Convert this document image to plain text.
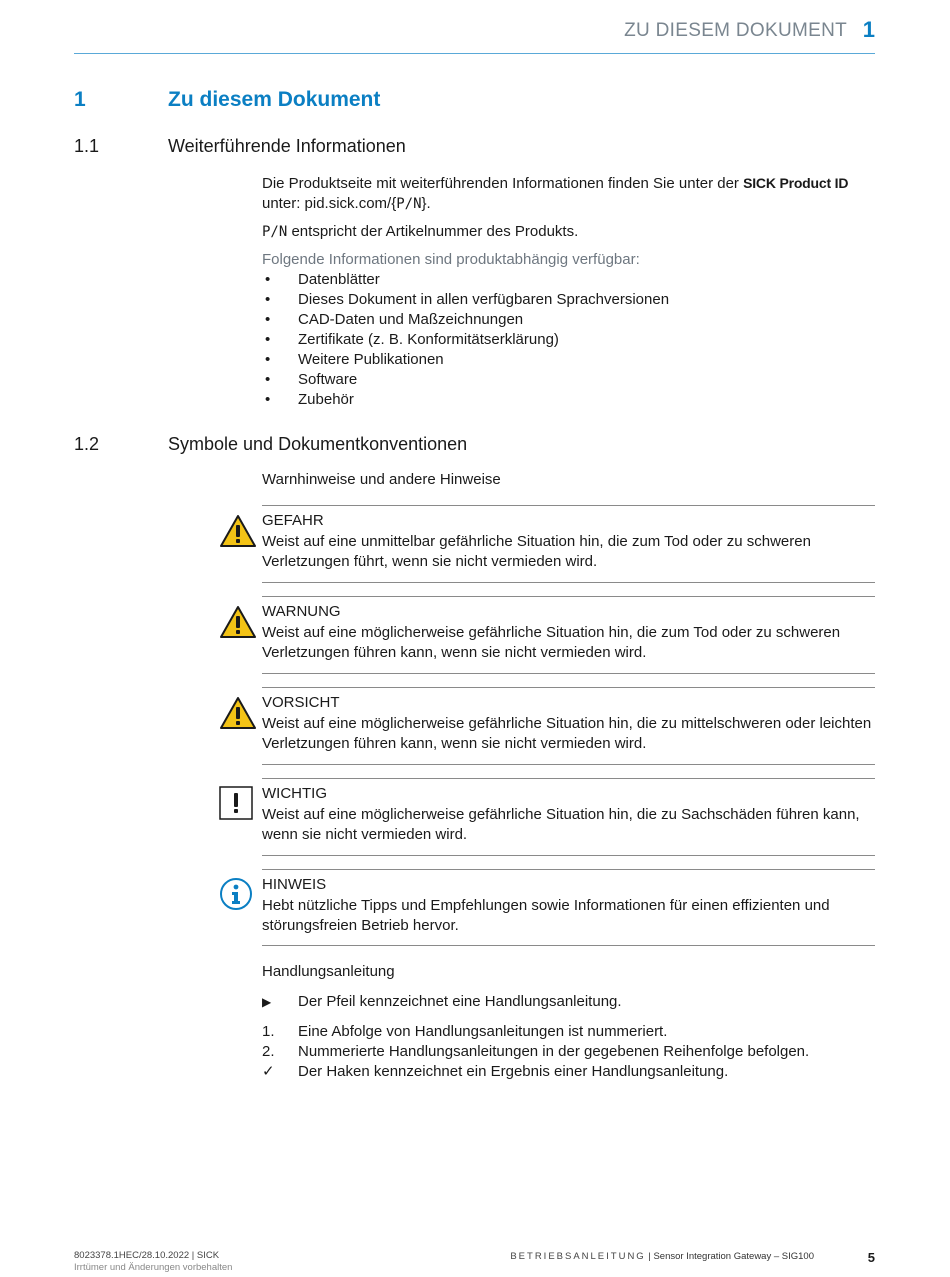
ZU DIESEM DOKUMENT 1
1	Zu diesem Dokument
1.1	Weiterführende Informationen

Die Produktseite mit weiterführenden Informationen finden Sie unter der SICK Product ID unter: pid.sick.com/{P/N}.

P/N entspricht der Artikelnummer des Produkts.

Folgende Informationen sind produktabhängig verfügbar:

• Datenblätter
• Dieses Dokument in allen verfügbaren Sprachversionen
• CAD-Daten und Maßzeichnungen
• Zertifikate (z. B. Konformitätserklärung)
• Weitere Publikationen
• Software
• Zubehör
1.2	Symbole und Dokumentkonventionen
Warnhinweise und andere Hinweise
GEFAHR
Weist auf eine unmittelbar gefährliche Situation hin, die zum Tod oder zu schweren Verletzungen führt, wenn sie nicht vermieden wird.
WARNUNG
Weist auf eine möglicherweise gefährliche Situation hin, die zum Tod oder zu schweren Verletzungen führen kann, wenn sie nicht vermieden wird.
VORSICHT
Weist auf eine möglicherweise gefährliche Situation hin, die zu mittelschweren oder leichten Verletzungen führen kann, wenn sie nicht vermieden wird.
WICHTIG
Weist auf eine möglicherweise gefährliche Situation hin, die zu Sachschäden führen kann, wenn sie nicht vermieden wird.
HINWEIS
Hebt nützliche Tipps und Empfehlungen sowie Informationen für einen effizienten und störungsfreien Betrieb hervor.
Handlungsanleitung
▶ Der Pfeil kennzeichnet eine Handlungsanleitung.
1. Eine Abfolge von Handlungsanleitungen ist nummeriert.
2. Nummerierte Handlungsanleitungen in der gegebenen Reihenfolge befolgen.
✓ Der Haken kennzeichnet ein Ergebnis einer Handlungsanleitung.
8023378.1HEC/28.10.2022 | SICK
Irrtümer und Änderungen vorbehalten
BETRIEBSANLEITUNG | Sensor Integration Gateway – SIG100	5
